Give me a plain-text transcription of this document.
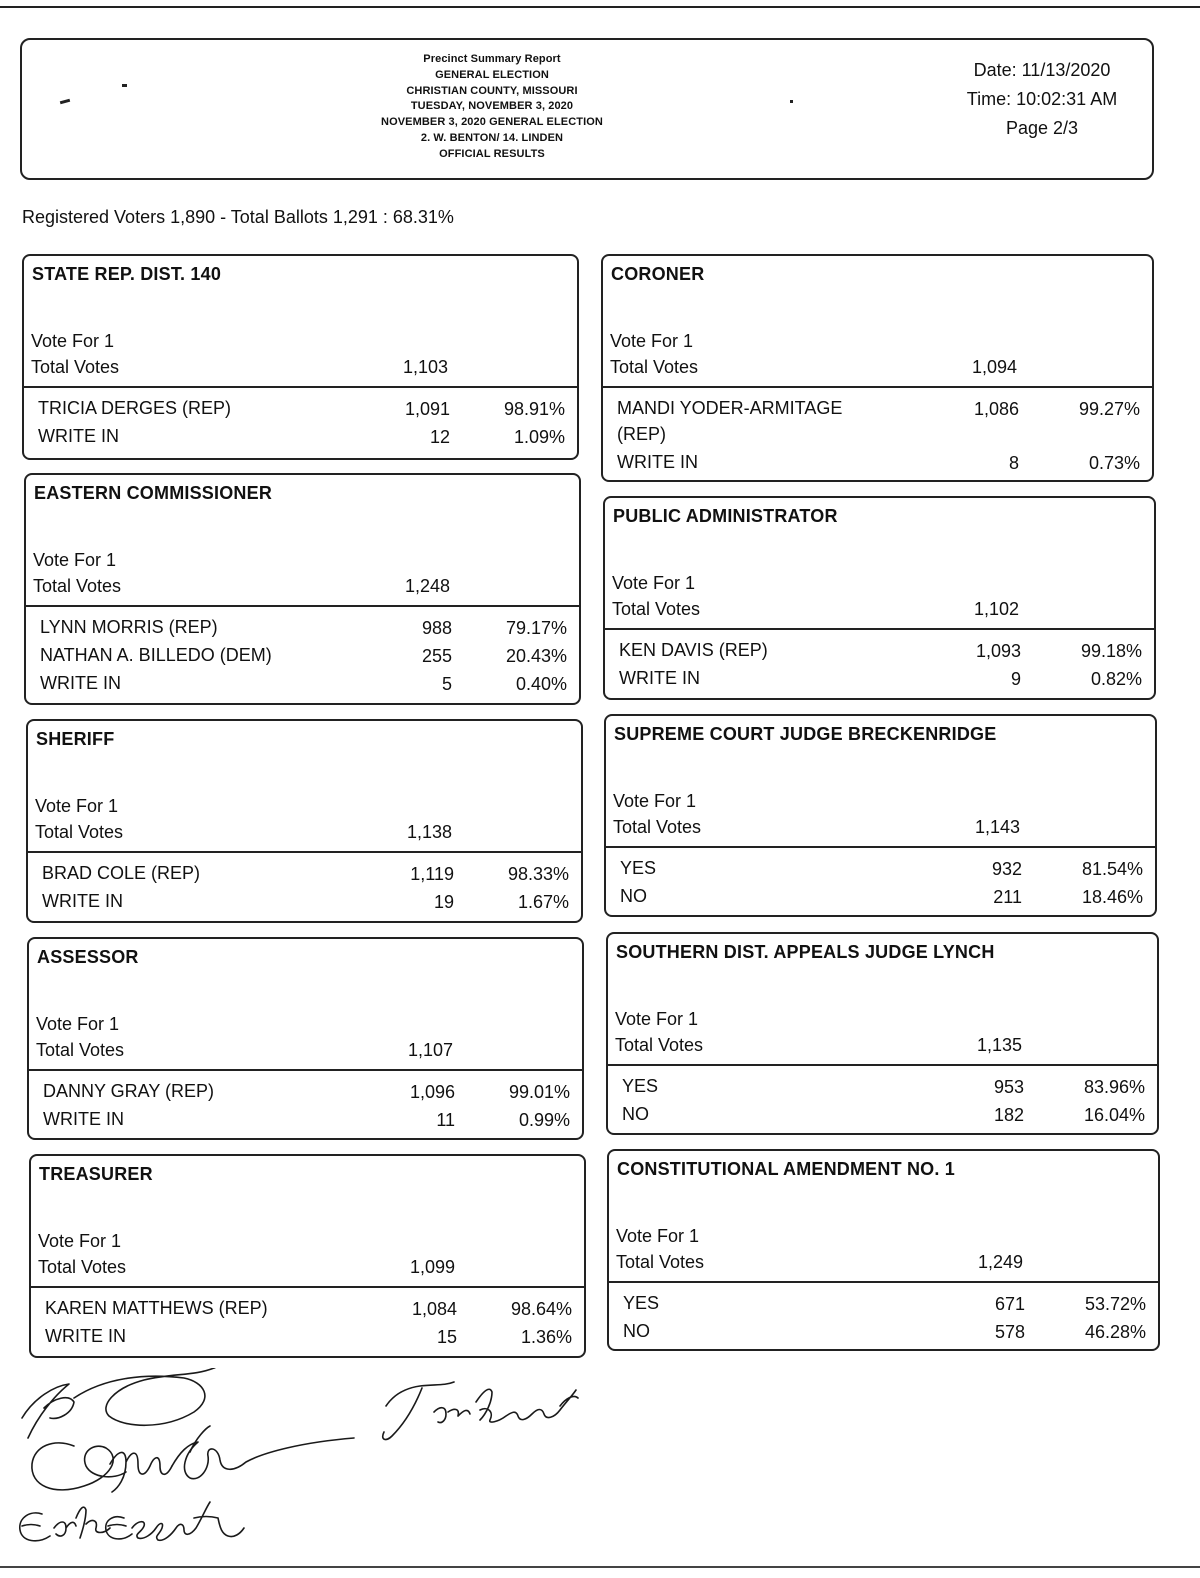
Precinct Summary Report
GENERAL ELECTION
CHRISTIAN COUNTY, MISSOURI
TUESDAY, NOVEMBER 3, 2020
NOVEMBER 3, 2020 GENERAL ELECTION
2. W. BENTON/ 14. LINDEN
OFFICIAL RESULTS
Date: 11/13/2020
Time: 10:02:31 AM
Page 2/3
Registered Voters 1,890 - Total Ballots 1,291 : 68.31%
STATE REP. DIST. 140
Vote For 1
Total Votes	1,103
TRICIA DERGES (REP)	1,091	98.91%
WRITE IN	12	1.09%
EASTERN COMMISSIONER
Vote For 1
Total Votes	1,248
LYNN MORRIS (REP)	988	79.17%
NATHAN A. BILLEDO (DEM)	255	20.43%
WRITE IN	5	0.40%
SHERIFF
Vote For 1
Total Votes	1,138
BRAD COLE (REP)	1,119	98.33%
WRITE IN	19	1.67%
ASSESSOR
Vote For 1
Total Votes	1,107
DANNY GRAY (REP)	1,096	99.01%
WRITE IN	11	0.99%
TREASURER
Vote For 1
Total Votes	1,099
KAREN MATTHEWS (REP)	1,084	98.64%
WRITE IN	15	1.36%
CORONER
Vote For 1
Total Votes	1,094
MANDI YODER-ARMITAGE (REP)
1,086	99.27%
WRITE IN	8	0.73%
PUBLIC ADMINISTRATOR
Vote For 1
Total Votes	1,102
KEN DAVIS (REP)	1,093	99.18%
WRITE IN	9	0.82%
SUPREME COURT JUDGE BRECKENRIDGE
Vote For 1
Total Votes	1,143
YES	932	81.54%
NO	211	18.46%
SOUTHERN DIST. APPEALS JUDGE LYNCH
Vote For 1
Total Votes	1,135
YES	953	83.96%
NO	182	16.04%
CONSTITUTIONAL AMENDMENT NO. 1
Vote For 1
Total Votes	1,249
YES	671	53.72%
NO	578	46.28%
